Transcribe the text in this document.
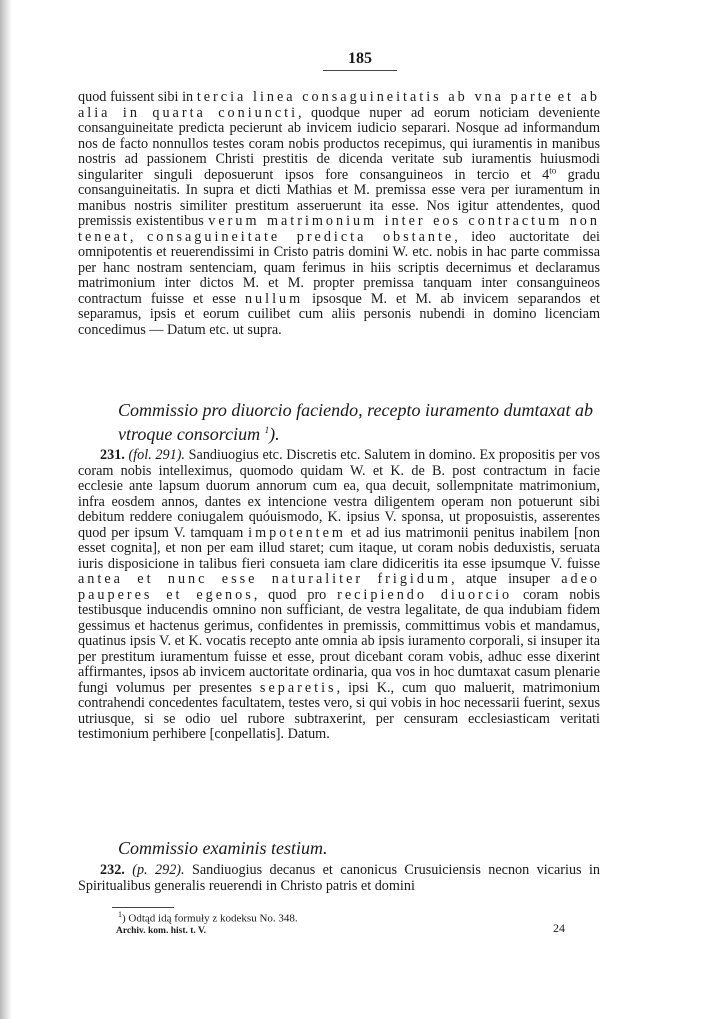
185

quod fuissent sibi in tercia linea consaguineitatis ab vna parte et ab alia in quarta coniuncti, quodque nuper ad eorum noticiam deveniente consanguineitate predicta pecierunt ab invicem iudicio separari. Nosque ad informandum nos de facto nonnullos testes coram nobis productos recepimus, qui iuramentis in manibus nostris ad passionem Christi prestitis de dicenda veritate sub iuramentis huiusmodi singulariter singuli deposuerunt ipsos fore consanguineos in tercio et $4^{to}$ gradu consanguineitatis. In supra et dicti Mathias et M. premissa esse vera per iuramentum in manibus nostris similiter prestitum asseruerunt ita esse. Nos igitur attendentes, quod premissis existentibus verum matrimonium inter eos contractum non teneat, consaguineitate predicta obstante, ideo auctoritate dei omnipotentis et reuerendissimi in Cristo patris domini W. etc. nobis in hac parte commissa per hanc nostram sentenciam, quam ferimus in hiis scriptis decernimus et declaramus matrimonium inter dictos M. et M. propter premissa tanquam inter consanguineos contractum fuisse et esse nullum ipsosque M. et M. ab invicem separandos et separamus, ipsis et eorum cuilibet cum aliis personis nubendi in domino licenciam concedimus — Datum etc. ut supra.

Commissio pro diuorcio faciendo, recepto iuramento dumtaxat ab vtroque consorcium $^1$).

231. (fol. 291). Sandiuogius etc. Discretis etc. Salutem in domino. Ex propositis per vos coram nobis intelleximus, quomodo quidam W. et K. de B. post contractum in facie ecclesie ante lapsum duorum annorum cum ea, qua decuit, sollempnitate matrimonium, infra eosdem annos, dantes ex intencione vestra diligentem operam non potuerunt sibi debitum reddere coniugalem quóuismodo, K. ipsius V. sponsa, ut proposuistis, asserentes quod per ipsum V. tamquam impotentem et ad ius matrimonii penitus inabilem [non esset cognita], et non per eam illud staret; cum itaque, ut coram nobis deduxistis, seruata iuris disposicione in talibus fieri consueta iam clare didiceritis ita esse ipsumque V. fuisse antea et nunc esse naturaliter frigidum, atque insuper adeo pauperes et egenos, quod pro recipiendo diuorcio coram nobis testibusque inducendis omnino non sufficiant, de vestra legalitate, de qua indubiam fidem gessimus et hactenus gerimus, confidentes in premissis, committimus vobis et mandamus, quatinus ipsis V. et K. vocatis recepto ante omnia ab ipsis iuramento corporali, si insuper ita per prestitum iuramentum fuisse et esse, prout dicebant coram vobis, adhuc esse dixerint affirmantes, ipsos ab invicem auctoritate ordinaria, qua vos in hoc dumtaxat casum plenarie fungi volumus per presentes separetis, ipsi K., cum quo maluerit, matrimonium contrahendi concedentes facultatem, testes vero, si qui vobis in hoc necessarii fuerint, sexus utriusque, si se odio uel rubore subtraxerint, per censuram ecclesiasticam veritati testimonium perhibere [conpellatis]. Datum.

Commissio examinis testium.

232. (p. 292). Sandiuogius decanus et canonicus Crusuiciensis necnon vicarius in Spiritualibus generalis reuerendi in Christo patris et domini

$^1$) Odtąd idą formuły z kodeksu No. 348.
Archiv. kom. hist. t. V.	24
